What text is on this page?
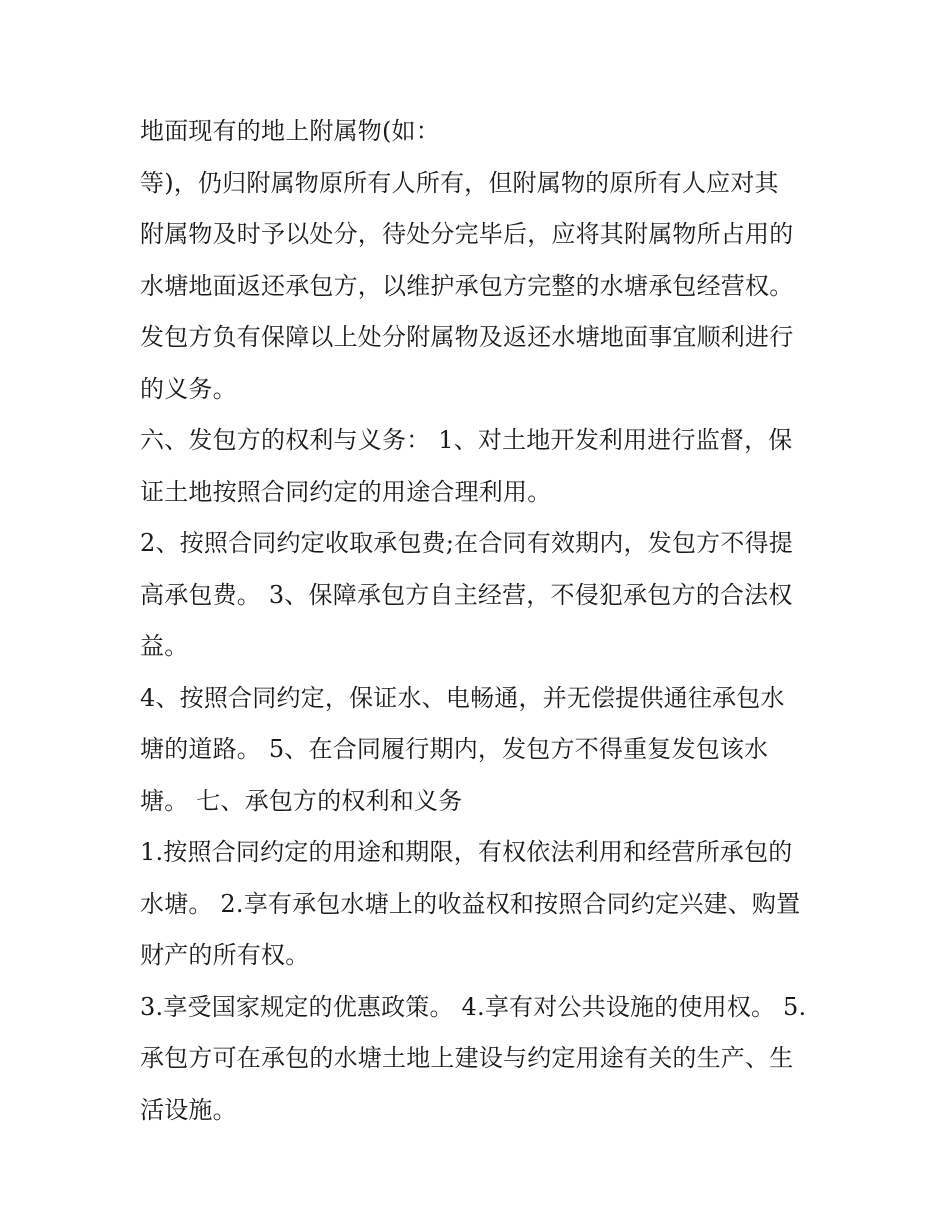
地面现有的地上附属物(如：
等)，仍归附属物原所有人所有，但附属物的原所有人应对其
附属物及时予以处分，待处分完毕后，应将其附属物所占用的
水塘地面返还承包方，以维护承包方完整的水塘承包经营权。
发包方负有保障以上处分附属物及返还水塘地面事宜顺利进行
的义务。
六、发包方的权利与义务： 1、对土地开发利用进行监督，保
证土地按照合同约定的用途合理利用。
2、按照合同约定收取承包费;在合同有效期内，发包方不得提
高承包费。 3、保障承包方自主经营，不侵犯承包方的合法权
益。
4、按照合同约定，保证水、电畅通，并无偿提供通往承包水
塘的道路。 5、在合同履行期内，发包方不得重复发包该水
塘。 七、承包方的权利和义务
1.按照合同约定的用途和期限，有权依法利用和经营所承包的
水塘。 2.享有承包水塘上的收益权和按照合同约定兴建、购置
财产的所有权。
3.享受国家规定的优惠政策。 4.享有对公共设施的使用权。 5.
承包方可在承包的水塘土地上建设与约定用途有关的生产、生
活设施。
